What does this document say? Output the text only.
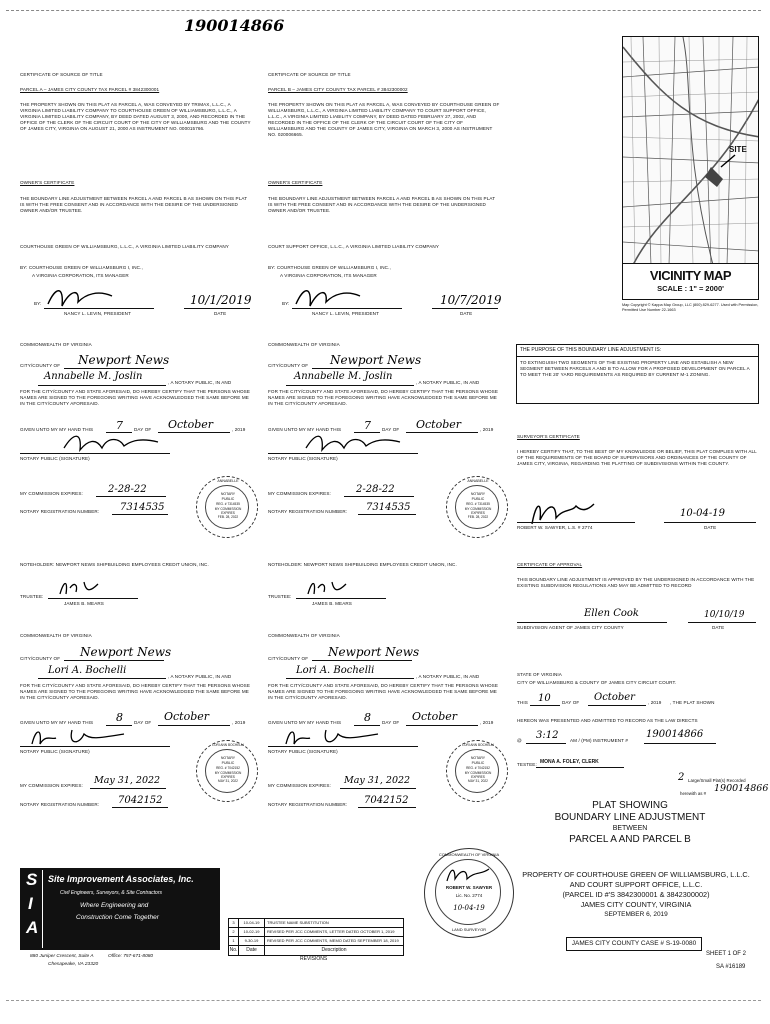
190014866
CERTIFICATE OF SOURCE OF TITLE
PARCEL A – JAMES CITY COUNTY TAX PARCEL # 3842300001
THE PROPERTY SHOWN ON THIS PLAT AS PARCEL A, WAS CONVEYED BY TRIMAX, L.L.C., A VIRGINIA LIMITED LIABILITY COMPANY TO COURTHOUSE GREEN OF WILLIAMSBURG, L.L.C., A VIRGINIA LIMITED LIABILITY COMPANY, BY DEED DATED AUGUST 3, 2000, AND RECORDED IN THE OFFICE OF THE CLERK OF THE CIRCUIT COURT OF THE CITY OF WILLIAMSBURG AND THE COUNTY OF JAMES CITY, VIRGINIA ON AUGUST 21, 2000 AS INSTRUMENT NO. 000015766.
OWNER'S CERTIFICATE
THE BOUNDARY LINE ADJUSTMENT BETWEEN PARCEL A AND PARCEL B AS SHOWN ON THIS PLAT IS WITH THE FREE CONSENT AND IN ACCORDANCE WITH THE DESIRE OF THE UNDERSIGNED OWNER AND/OR TRUSTEE.
COURTHOUSE GREEN OF WILLIAMSBURG, L.L.C., A VIRGINIA LIMITED LIABILITY COMPANY
BY: COURTHOUSE GREEN OF WILLIAMSBURG I, INC.,
A VIRGINIA CORPORATION, ITS MANAGER
BY:
NANCY L. LEVIN, PRESIDENT
10/1/2019
DATE
COMMONWEALTH OF VIRGINIA
CITY/COUNTY OF Newport News
Annabelle M. Joslin
, A NOTARY PUBLIC, IN AND
FOR THE CITY/COUNTY AND STATE AFORESAID, DO HEREBY CERTIFY THAT THE PERSONS WHOSE NAMES ARE SIGNED TO THE FOREGOING WRITING HAVE ACKNOWLEDGED THE SAME BEFORE ME IN THE CITY/COUNTY AFORESAID.
GIVEN UNTO MY MY HAND THIS 7 DAY OF October	, 2019
NOTARY PUBLIC (SIGNATURE)
MY COMMISSION EXPIRES:	2-28-22
NOTARY REGISTRATION NUMBER: 7314535
ANNABELLE
NOTARY
PUBLIC
REG. # 7314535
MY COMMISSION
EXPIRES
FEB. 28, 2022
NOTEHOLDER: NEWPORT NEWS SHIPBUILDING EMPLOYEES CREDIT UNION, INC.
TRUSTEE:
JAMES B. MEARS
COMMONWEALTH OF VIRGINIA
CITY/COUNTY OF Newport News
Lori A. Bochelli
, A NOTARY PUBLIC, IN AND
FOR THE CITY/COUNTY AND STATE AFORESAID, DO HEREBY CERTIFY THAT THE PERSONS WHOSE NAMES ARE SIGNED TO THE FOREGOING WRITING HAVE ACKNOWLEDGED THE SAME BEFORE ME IN THE CITY/COUNTY AFORESAID.
GIVEN UNTO MY MY HAND THIS 8 DAY OF October	, 2019
NOTARY PUBLIC (SIGNATURE)
MY COMMISSION EXPIRES: May 31, 2022
NOTARY REGISTRATION NUMBER: 7042152
LORI ANN BOCHELLI
NOTARY
PUBLIC
REG. # 7042152
MY COMMISSION
EXPIRES
MAY 31, 2022
CERTIFICATE OF SOURCE OF TITLE
PARCEL B – JAMES CITY COUNTY TAX PARCEL # 3842300002
THE PROPERTY SHOWN ON THIS PLAT AS PARCEL A, WAS CONVEYED BY COURTHOUSE GREEN OF WILLIAMSBURG, L.L.C., A VIRGINIA LIMITED LIABILITY COMPANY TO COURT SUPPORT OFFICE, L.L.C., A VIRGINIA LIMITED LIABILITY COMPANY, BY DEED DATED FEBRUARY 27, 2002, AND RECORDED IN THE OFFICE OF THE CLERK OF THE CIRCUIT COURT OF THE CITY OF WILLIAMSBURG AND THE COUNTY OF JAMES CITY, VIRGINIA ON MARCH 3, 2000 AS INSTRUMENT NO. 020006665.
OWNER'S CERTIFICATE
THE BOUNDARY LINE ADJUSTMENT BETWEEN PARCEL A AND PARCEL B AS SHOWN ON THIS PLAT IS WITH THE FREE CONSENT AND IN ACCORDANCE WITH THE DESIRE OF THE UNDERSIGNED OWNER AND/OR TRUSTEE.
COURT SUPPORT OFFICE, L.L.C., A VIRGINIA LIMITED LIABILITY COMPANY
BY: COURTHOUSE GREEN OF WILLIAMSBURG I, INC.,
A VIRGINIA CORPORATION, ITS MANAGER
BY:
NANCY L. LEVIN, PRESIDENT
10/7/2019
DATE
COMMONWEALTH OF VIRGINIA
CITY/COUNTY OF Newport News
Annabelle M. Joslin
, A NOTARY PUBLIC, IN AND
FOR THE CITY/COUNTY AND STATE AFORESAID, DO HEREBY CERTIFY THAT THE PERSONS WHOSE NAMES ARE SIGNED TO THE FOREGOING WRITING HAVE ACKNOWLEDGED THE SAME BEFORE ME IN THE CITY/COUNTY AFORESAID.
GIVEN UNTO MY MY HAND THIS 7 DAY OF October	, 2019
NOTARY PUBLIC (SIGNATURE)
MY COMMISSION EXPIRES:	2-28-22
NOTARY REGISTRATION NUMBER: 7314535
ANNABELLE
NOTARY
PUBLIC
REG. # 7314535
MY COMMISSION
EXPIRES
FEB. 28, 2022
NOTEHOLDER: NEWPORT NEWS SHIPBUILDING EMPLOYEES CREDIT UNION, INC.
TRUSTEE:
JAMES B. MEARS
COMMONWEALTH OF VIRGINIA
CITY/COUNTY OF Newport News
Lori A. Bochelli
, A NOTARY PUBLIC, IN AND
FOR THE CITY/COUNTY AND STATE AFORESAID, DO HEREBY CERTIFY THAT THE PERSONS WHOSE NAMES ARE SIGNED TO THE FOREGOING WRITING HAVE ACKNOWLEDGED THE SAME BEFORE ME IN THE CITY/COUNTY AFORESAID.
GIVEN UNTO MY MY HAND THIS 8 DAY OF October	, 2019
NOTARY PUBLIC (SIGNATURE)
MY COMMISSION EXPIRES: May 31, 2022
NOTARY REGISTRATION NUMBER: 7042152
LORI ANN BOCHELLI
NOTARY
PUBLIC
REG. # 7042152
MY COMMISSION
EXPIRES
MAY 31, 2022
SITE
VICINITY MAP
SCALE : 1" = 2000'
Map Copyright © Kappa Map Group, LLC (800) 829-6277. Used with Permission, Permitted Use Number 22-1663
THE PURPOSE OF THIS BOUNDARY LINE ADJUSTMENT IS:
TO EXTINGUISH TWO SEGMENTS OF THE EXISTING PROPERTY LINE AND ESTABLISH A NEW SEGMENT BETWEEN PARCELS A AND B TO ALLOW FOR A PROPOSED DEVELOPMENT ON PARCEL A TO MEET THE 20' YARD REQUIREMENTS AS REQUIRED BY CURRENT M-1 ZONING.
SURVEYOR'S CERTIFICATE
I HEREBY CERTIFY THAT, TO THE BEST OF MY KNOWLEDGE OR BELIEF, THIS PLAT COMPLIES WITH ALL OF THE REQUIREMENTS OF THE BOARD OF SUPERVISORS AND ORDINANCES OF THE COUNTY OF JAMES CITY, VIRGINIA, REGARDING THE PLATTING OF SUBDIVISIONS WITHIN THE COUNTY.
ROBERT W. SAWYER, L.S. # 2774
10-04-19
DATE
CERTIFICATE OF APPROVAL
THIS BOUNDARY LINE ADJUSTMENT IS APPROVED BY THE UNDERSIGNED IN ACCORDANCE WITH THE EXISTING SUBDIVISION REGULATIONS AND MAY BE ADMITTED TO RECORD
Ellen Cook
SUBDIVISION AGENT OF JAMES CITY COUNTY
10/10/19
DATE
STATE OF VIRGINIA
CITY OF WILLIAMSBURG & COUNTY OF JAMES CITY CIRCUIT COURT.
THIS 10 DAY OF October	, 2019 , THE PLAT SHOWN
HEREON WAS PRESENTED AND ADMITTED TO RECORD AS THE LAW DIRECTS
@ 3:12	AM / (PM) INSTRUMENT #
190014866
TESTEE: MONA A. FOLEY, CLERK
2 Large/Small Plat(s) Recorded
herewith as # 190014866
PLAT SHOWING
BOUNDARY LINE ADJUSTMENT
BETWEEN
PARCEL A AND PARCEL B
PROPERTY OF COURTHOUSE GREEN OF WILLIAMSBURG, L.L.C.
AND COURT SUPPORT OFFICE, L.L.C.
(PARCEL ID #'S 3842300001 & 3842300002)
JAMES CITY COUNTY, VIRGINIA
SEPTEMBER 6, 2019
JAMES CITY COUNTY CASE # S-19-0080
SHEET 1 OF 2
SA #16189
COMMONWEALTH OF VIRGINIA
ROBERT W. SAWYER
Lic. No. 2774
10-04-19
LAND SURVEYOR
S
I
A
Site Improvement Associates, Inc.
Civil Engineers, Surveyors, & Site Contractors
Where Engineering and
Construction Come Together
880 Juniper Crescent, Suite A
Chesapeake, VA 23320
Office: 757-671-8080
3	10-04-19	TRUSTEE NAME SUBSTITUTION
2	10-02-19	REVISED PER JCC COMMENTS, LETTER DATED OCTOBER 1, 2019
1	9-30-19	REVISED PER JCC COMMENTS, MEMO DATED SEPTEMBER 18, 2019
No.	Date	Description
REVISIONS
